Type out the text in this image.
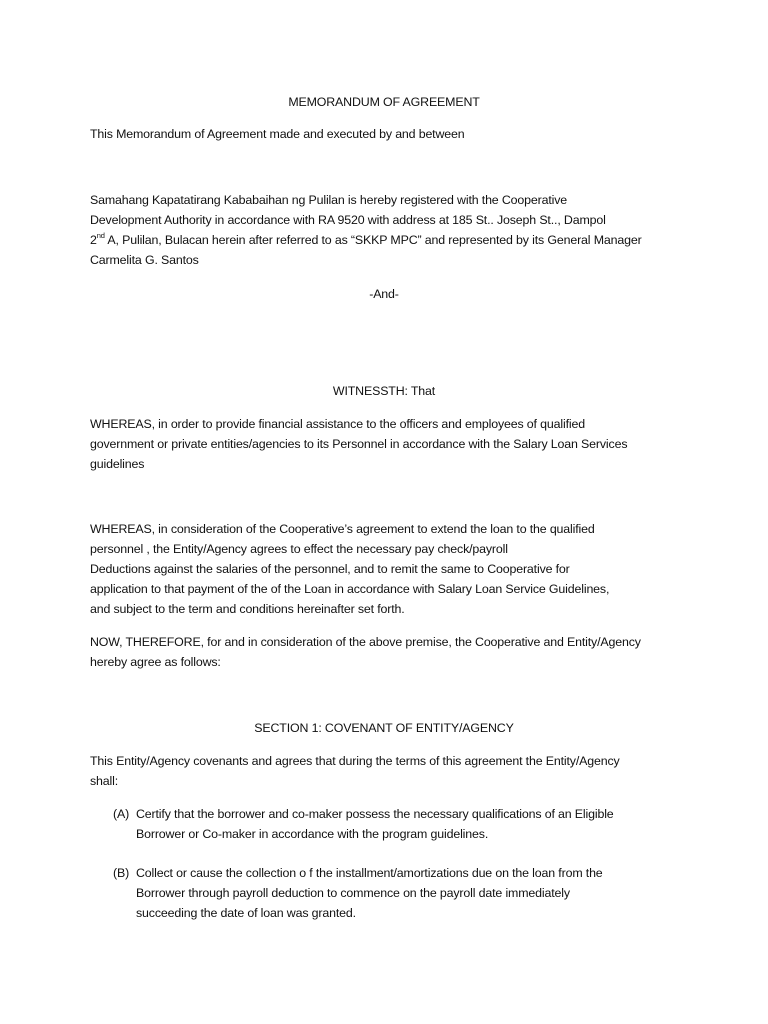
MEMORANDUM OF AGREEMENT
This Memorandum of Agreement made and executed by and between
Samahang Kapatatirang Kababaihan ng Pulilan is hereby registered with the Cooperative
Development Authority in accordance with RA 9520 with address at 185 St.. Joseph St.., Dampol
2nd A, Pulilan, Bulacan herein after referred to as “SKKP MPC” and represented by its General Manager
Carmelita G. Santos
-And-
WITNESSTH: That
WHEREAS, in order to provide financial assistance to the officers and employees of qualified
government or private entities/agencies to its Personnel in accordance with the Salary Loan Services
guidelines
WHEREAS, in consideration of the Cooperative’s agreement to extend the loan to the qualified
personnel , the Entity/Agency agrees to effect the necessary pay check/payroll
Deductions against the salaries of the personnel, and to remit the same to Cooperative for
application to that payment of the of the Loan in accordance with Salary Loan Service Guidelines,
and subject to the term and conditions hereinafter set forth.
NOW, THEREFORE, for and in consideration of the above premise, the Cooperative and Entity/Agency
hereby agree as follows:
SECTION 1: COVENANT OF ENTITY/AGENCY
This Entity/Agency covenants and agrees that during the terms of this agreement the Entity/Agency
shall:
(A) Certify that the borrower and co-maker possess the necessary qualifications of an Eligible
Borrower or Co-maker in accordance with the program guidelines.
(B) Collect or cause the collection o f the installment/amortizations due on the loan from the
Borrower through payroll deduction to commence on the payroll date immediately
succeeding the date of loan was granted.
